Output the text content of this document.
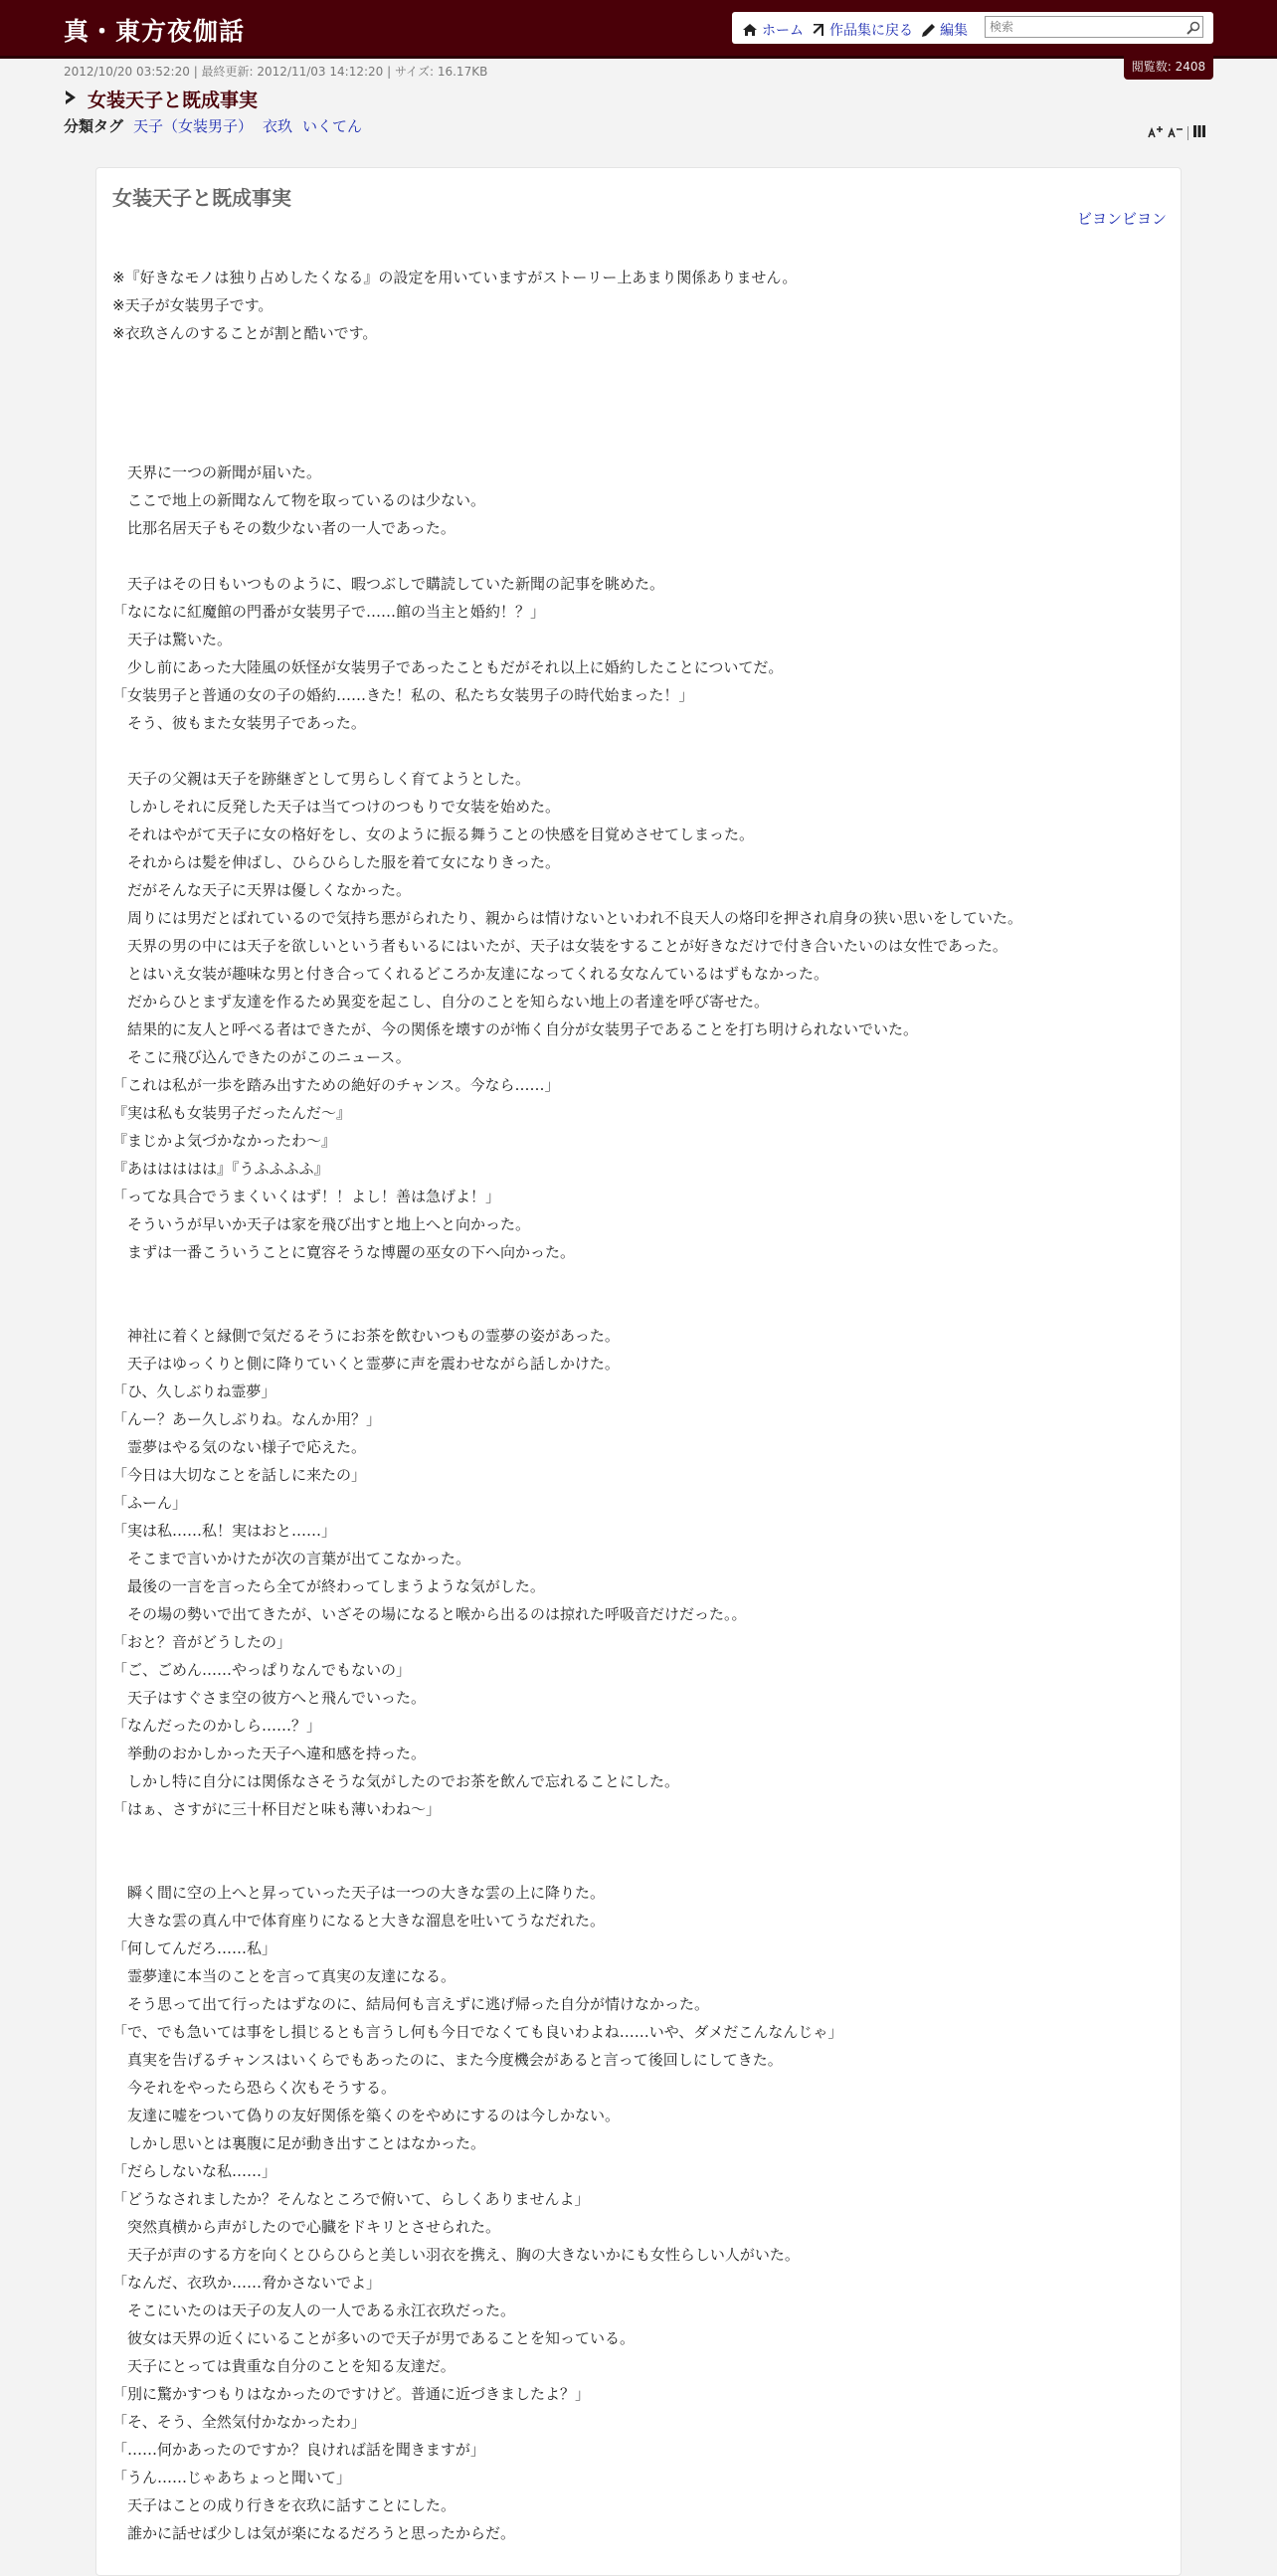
真・東方夜伽話	ホーム 作品集に戻る 編集
検索
2012/10/20 03:52:20 | 最終更新: 2012/11/03 14:12:20 | サイズ: 16.17KB	閲覧数: 2408
女装天子と既成事実
分類タグ 天子（女装男子） 衣玖 いくてん
女装天子と既成事実
ビヨンビヨン
※『好きなモノは独り占めしたくなる』の設定を用いていますがストーリー上あまり関係ありません。
※天子が女装男子です。
※衣玖さんのすることが割と酷いです。

　天界に一つの新聞が届いた。
　ここで地上の新聞なんて物を取っているのは少ない。
　比那名居天子もその数少ない者の一人であった。

　天子はその日もいつものように、暇つぶしで購読していた新聞の記事を眺めた。
「なになに紅魔館の門番が女装男子で……館の当主と婚約！？」
　天子は驚いた。
　少し前にあった大陸風の妖怪が女装男子であったこともだがそれ以上に婚約したことについてだ。
「女装男子と普通の女の子の婚約……きた！私の、私たち女装男子の時代始まった！」
　そう、彼もまた女装男子であった。

　天子の父親は天子を跡継ぎとして男らしく育てようとした。
　しかしそれに反発した天子は当てつけのつもりで女装を始めた。
　それはやがて天子に女の格好をし、女のように振る舞うことの快感を目覚めさせてしまった。
　それからは髪を伸ばし、ひらひらした服を着て女になりきった。
　だがそんな天子に天界は優しくなかった。
　周りには男だとばれているので気持ち悪がられたり、親からは情けないといわれ不良天人の烙印を押され肩身の狭い思いをしていた。
　天界の男の中には天子を欲しいという者もいるにはいたが、天子は女装をすることが好きなだけで付き合いたいのは女性であった。
　とはいえ女装が趣味な男と付き合ってくれるどころか友達になってくれる女なんているはずもなかった。
　だからひとまず友達を作るため異変を起こし、自分のことを知らない地上の者達を呼び寄せた。
　結果的に友人と呼べる者はできたが、今の関係を壊すのが怖く自分が女装男子であることを打ち明けられないでいた。
　そこに飛び込んできたのがこのニュース。
「これは私が一歩を踏み出すための絶好のチャンス。今なら……」
『実は私も女装男子だったんだ～』
『まじかよ気づかなかったわ～』
『あははははは』『うふふふふ』
「ってな具合でうまくいくはず！！よし！善は急げよ！」
　そういうが早いか天子は家を飛び出すと地上へと向かった。
　まずは一番こういうことに寛容そうな博麗の巫女の下へ向かった。

　神社に着くと縁側で気だるそうにお茶を飲むいつもの霊夢の姿があった。
　天子はゆっくりと側に降りていくと霊夢に声を震わせながら話しかけた。
「ひ、久しぶりね霊夢」
「んー？あー久しぶりね。なんか用？」
　霊夢はやる気のない様子で応えた。
「今日は大切なことを話しに来たの」
「ふーん」
「実は私……私！実はおと……」
　そこまで言いかけたが次の言葉が出てこなかった。
　最後の一言を言ったら全てが終わってしまうような気がした。
　その場の勢いで出てきたが、いざその場になると喉から出るのは掠れた呼吸音だけだった。。
「おと？音がどうしたの」
「ご、ごめん……やっぱりなんでもないの」
　天子はすぐさま空の彼方へと飛んでいった。
「なんだったのかしら……？」
　挙動のおかしかった天子へ違和感を持った。
　しかし特に自分には関係なさそうな気がしたのでお茶を飲んで忘れることにした。
「はぁ、さすがに三十杯目だと味も薄いわね～」

　瞬く間に空の上へと昇っていった天子は一つの大きな雲の上に降りた。
　大きな雲の真ん中で体育座りになると大きな溜息を吐いてうなだれた。
「何してんだろ……私」
　霊夢達に本当のことを言って真実の友達になる。
　そう思って出て行ったはずなのに、結局何も言えずに逃げ帰った自分が情けなかった。
「で、でも急いては事をし損じるとも言うし何も今日でなくても良いわよね……いや、ダメだこんなんじゃ」
　真実を告げるチャンスはいくらでもあったのに、また今度機会があると言って後回しにしてきた。
　今それをやったら恐らく次もそうする。
　友達に嘘をついて偽りの友好関係を築くのをやめにするのは今しかない。
　しかし思いとは裏腹に足が動き出すことはなかった。
「だらしないな私……」
「どうなされましたか？そんなところで俯いて、らしくありませんよ」
　突然真横から声がしたので心臓をドキリとさせられた。
　天子が声のする方を向くとひらひらと美しい羽衣を携え、胸の大きないかにも女性らしい人がいた。
「なんだ、衣玖か……脅かさないでよ」
　そこにいたのは天子の友人の一人である永江衣玖だった。
　彼女は天界の近くにいることが多いので天子が男であることを知っている。
　天子にとっては貴重な自分のことを知る友達だ。
「別に驚かすつもりはなかったのですけど。普通に近づきましたよ？」
「そ、そう、全然気付かなかったわ」
「……何かあったのですか？良ければ話を聞きますが」
「うん……じゃあちょっと聞いて」
　天子はことの成り行きを衣玖に話すことにした。
　誰かに話せば少しは気が楽になるだろうと思ったからだ。
